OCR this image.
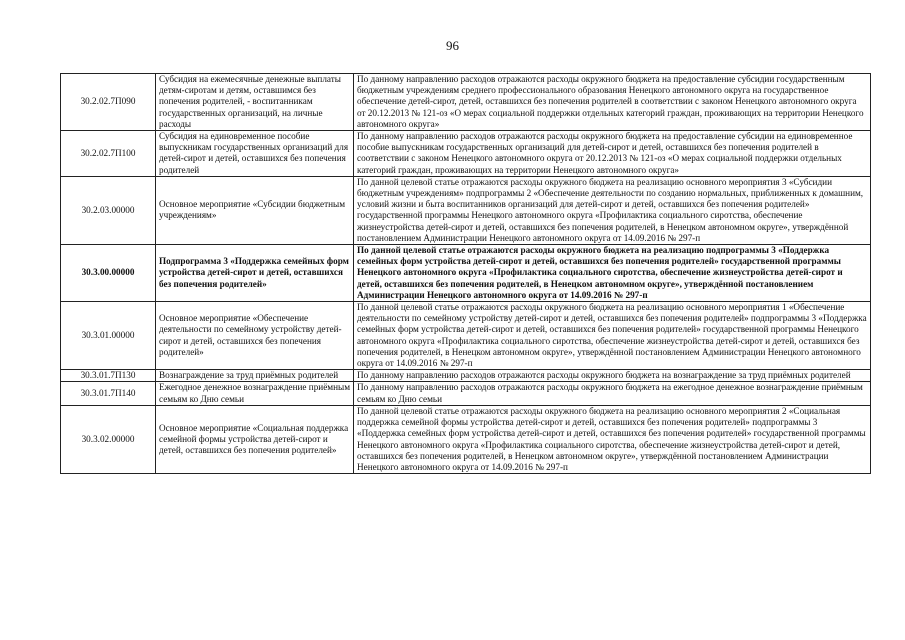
96
30.2.02.7П090	Субсидия на ежемесячные денежные выплаты детям-сиротам и детям, оставшимся без попечения родителей, - воспитанникам государственных организаций, на личные расходы	По данному направлению расходов отражаются расходы окружного бюджета на предоставление субсидии государственным бюджетным учреждениям среднего профессионального образования Ненецкого автономного округа на государственное обеспечение детей-сирот, детей, оставшихся без попечения родителей в соответствии с законом Ненецкого автономного округа от 20.12.2013 № 121-оз «О мерах социальной поддержки отдельных категорий граждан, проживающих на территории Ненецкого автономного округа»
30.2.02.7П100	Субсидия на единовременное пособие выпускникам государственных организаций для детей-сирот и детей, оставшихся без попечения родителей	По данному направлению расходов отражаются расходы окружного бюджета на предоставление субсидии на единовременное пособие выпускникам государственных организаций для детей-сирот и детей, оставшихся без попечения родителей в соответствии с законом Ненецкого автономного округа от 20.12.2013 № 121-оз «О мерах социальной поддержки отдельных категорий граждан, проживающих на территории Ненецкого автономного округа»
30.2.03.00000	Основное мероприятие «Субсидии бюджетным учреждениям»	По данной целевой статье отражаются расходы окружного бюджета на реализацию основного мероприятия 3 «Субсидии бюджетным учреждениям» подпрограммы 2 «Обеспечение деятельности по созданию нормальных, приближенных к домашним, условий жизни и быта воспитанников организаций для детей-сирот и детей, оставшихся без попечения родителей» государственной программы Ненецкого автономного округа «Профилактика социального сиротства, обеспечение жизнеустройства детей-сирот и детей, оставшихся без попечения родителей, в Ненецком автономном округе», утверждённой постановлением Администрации Ненецкого автономного округа от 14.09.2016 № 297-п
30.3.00.00000	Подпрограмма 3 «Поддержка семейных форм устройства детей-сирот и детей, оставшихся без попечения родителей»	По данной целевой статье отражаются расходы окружного бюджета на реализацию подпрограммы 3 «Поддержка семейных форм устройства детей-сирот и детей, оставшихся без попечения родителей» государственной программы Ненецкого автономного округа «Профилактика социального сиротства, обеспечение жизнеустройства детей-сирот и детей, оставшихся без попечения родителей, в Ненецком автономном округе», утверждённой постановлением Администрации Ненецкого автономного округа от 14.09.2016 № 297-п
30.3.01.00000	Основное мероприятие «Обеспечение деятельности по семейному устройству детей-сирот и детей, оставшихся без попечения родителей»	По данной целевой статье отражаются расходы окружного бюджета на реализацию основного мероприятия 1 «Обеспечение деятельности по семейному устройству детей-сирот и детей, оставшихся без попечения родителей» подпрограммы 3 «Поддержка семейных форм устройства детей-сирот и детей, оставшихся без попечения родителей» государственной программы Ненецкого автономного округа «Профилактика социального сиротства, обеспечение жизнеустройства детей-сирот и детей, оставшихся без попечения родителей, в Ненецком автономном округе», утверждённой постановлением Администрации Ненецкого автономного округа от 14.09.2016 № 297-п
30.3.01.7П130	Вознаграждение за труд приёмных родителей	По данному направлению расходов отражаются расходы окружного бюджета на вознаграждение за труд приёмных родителей
30.3.01.7П140	Ежегодное денежное вознаграждение приёмным семьям ко Дню семьи	По данному направлению расходов отражаются расходы окружного бюджета на ежегодное денежное вознаграждение приёмным семьям ко Дню семьи
30.3.02.00000	Основное мероприятие «Социальная поддержка семейной формы устройства детей-сирот и детей, оставшихся без попечения родителей»	По данной целевой статье отражаются расходы окружного бюджета на реализацию основного мероприятия 2 «Социальная поддержка семейной формы устройства детей-сирот и детей, оставшихся без попечения родителей» подпрограммы 3 «Поддержка семейных форм устройства детей-сирот и детей, оставшихся без попечения родителей» государственной программы Ненецкого автономного округа «Профилактика социального сиротства, обеспечение жизнеустройства детей-сирот и детей, оставшихся без попечения родителей, в Ненецком автономном округе», утверждённой постановлением Администрации Ненецкого автономного округа от 14.09.2016 № 297-п
